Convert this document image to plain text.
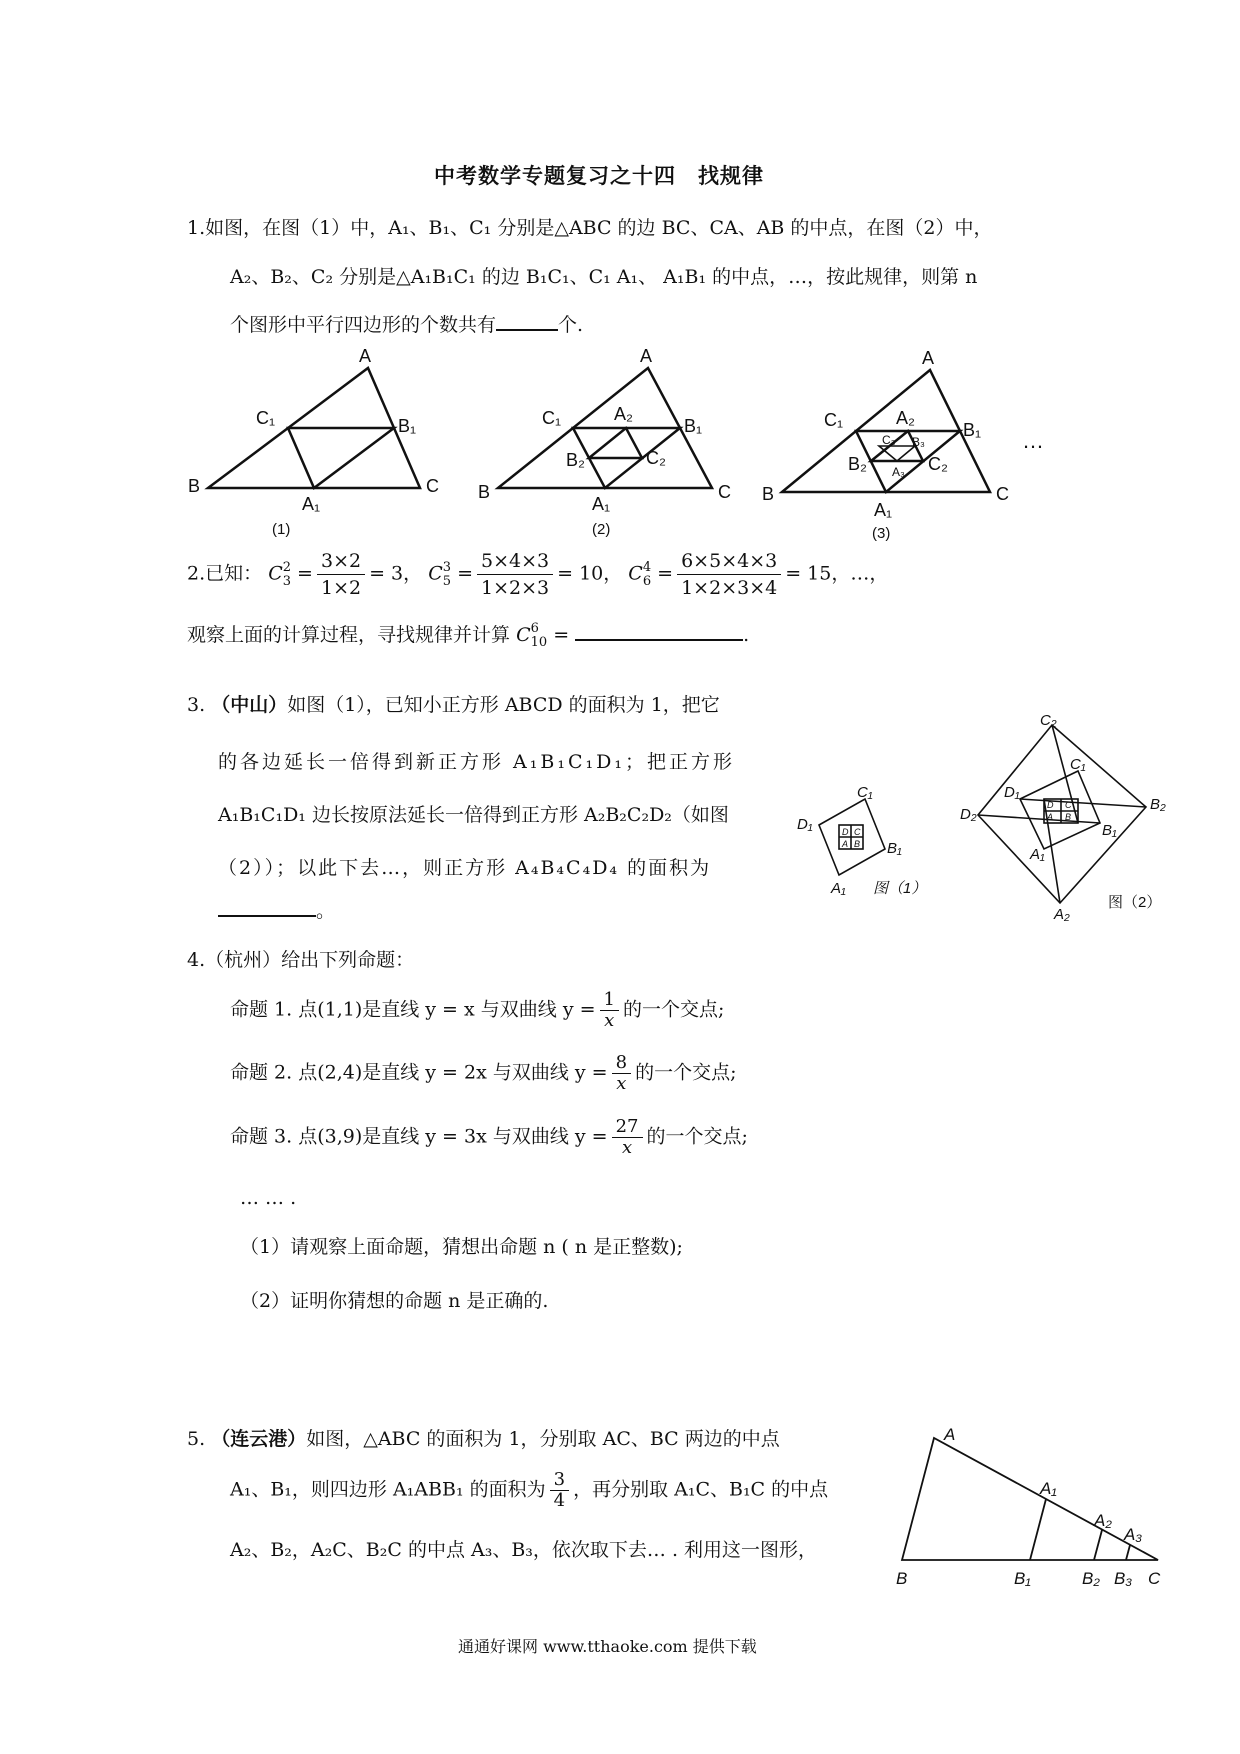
中考数学专题复习之十四　找规律
1.如图，在图（1）中，A₁、B₁、C₁ 分别是△ABC 的边 BC、CA、AB 的中点，在图（2）中，
A₂、B₂、C₂ 分别是△A₁B₁C₁ 的边 B₁C₁、C₁ A₁、 A₁B₁ 的中点，…，按此规律，则第 n
个图形中平行四边形的个数共有	个.
A
C₁	B₁
B	C
A₁
(1)
A
C₁	A₂
B₁
B₂	C₂
B	C
A₁
(2)
A
C₁	A₂
B₁
C₃ B₃
B₂ A₃ C₂
B	C
A₁
(3)
…
2.已知： C 2
$3 = \frac{3\times 2}{1\times 2} = 3$， C 3
$5 = \frac{5\times 4\times 3}{1\times 2\times 3} = 10$， C 4
$6 = \frac{6\times 5\times 4\times 3}{1\times 2\times 3\times 4} = 15$，…，
观察上面的计算过程，寻找规律并计算 C 6
10 =	.
3. （中山）如图（1），已知小正方形 ABCD 的面积为 1，把它
的各边延长一倍得到新正方形 A₁B₁C₁D₁；把正方形
A₁B₁C₁D₁ 边长按原法延长一倍得到正方形 A₂B₂C₂D₂（如图
（2））；以此下去…，则正方形 A₄B₄C₄D₄ 的面积为
。
C₁
D₁
B₁
A₁
D C
A B
图（1）
C₂
C₁
D₁
B₂
D₂
B₁
A₁
A₂
D C
A B
图（2）
4.（杭州）给出下列命题：
命题 1. 点(1,1)是直线 y = x 与双曲线 $y = \frac{1}{x}$ 的一个交点;
命题 2. 点(2,4)是直线 y = 2x 与双曲线 $y = \frac{8}{x}$ 的一个交点;
命题 3. 点(3,9)是直线 y = 3x 与双曲线 $y = \frac{27}{x}$ 的一个交点;
… … .
（1）请观察上面命题，猜想出命题 n ( n 是正整数);
（2）证明你猜想的命题 n 是正确的.
5. （连云港）如图，△ABC 的面积为 1，分别取 AC、BC 两边的中点
A₁、B₁，则四边形 A₁ABB₁ 的面积为 $\frac{3}{4}$ ，再分别取 A₁C、B₁C 的中点
A₂、B₂，A₂C、B₂C 的中点 A₃、B₃，依次取下去… . 利用这一图形，
A
A₁
A₂
A₃
B	B₁	B₂ B₃ C
通通好课网 www.tthaoke.com 提供下载
